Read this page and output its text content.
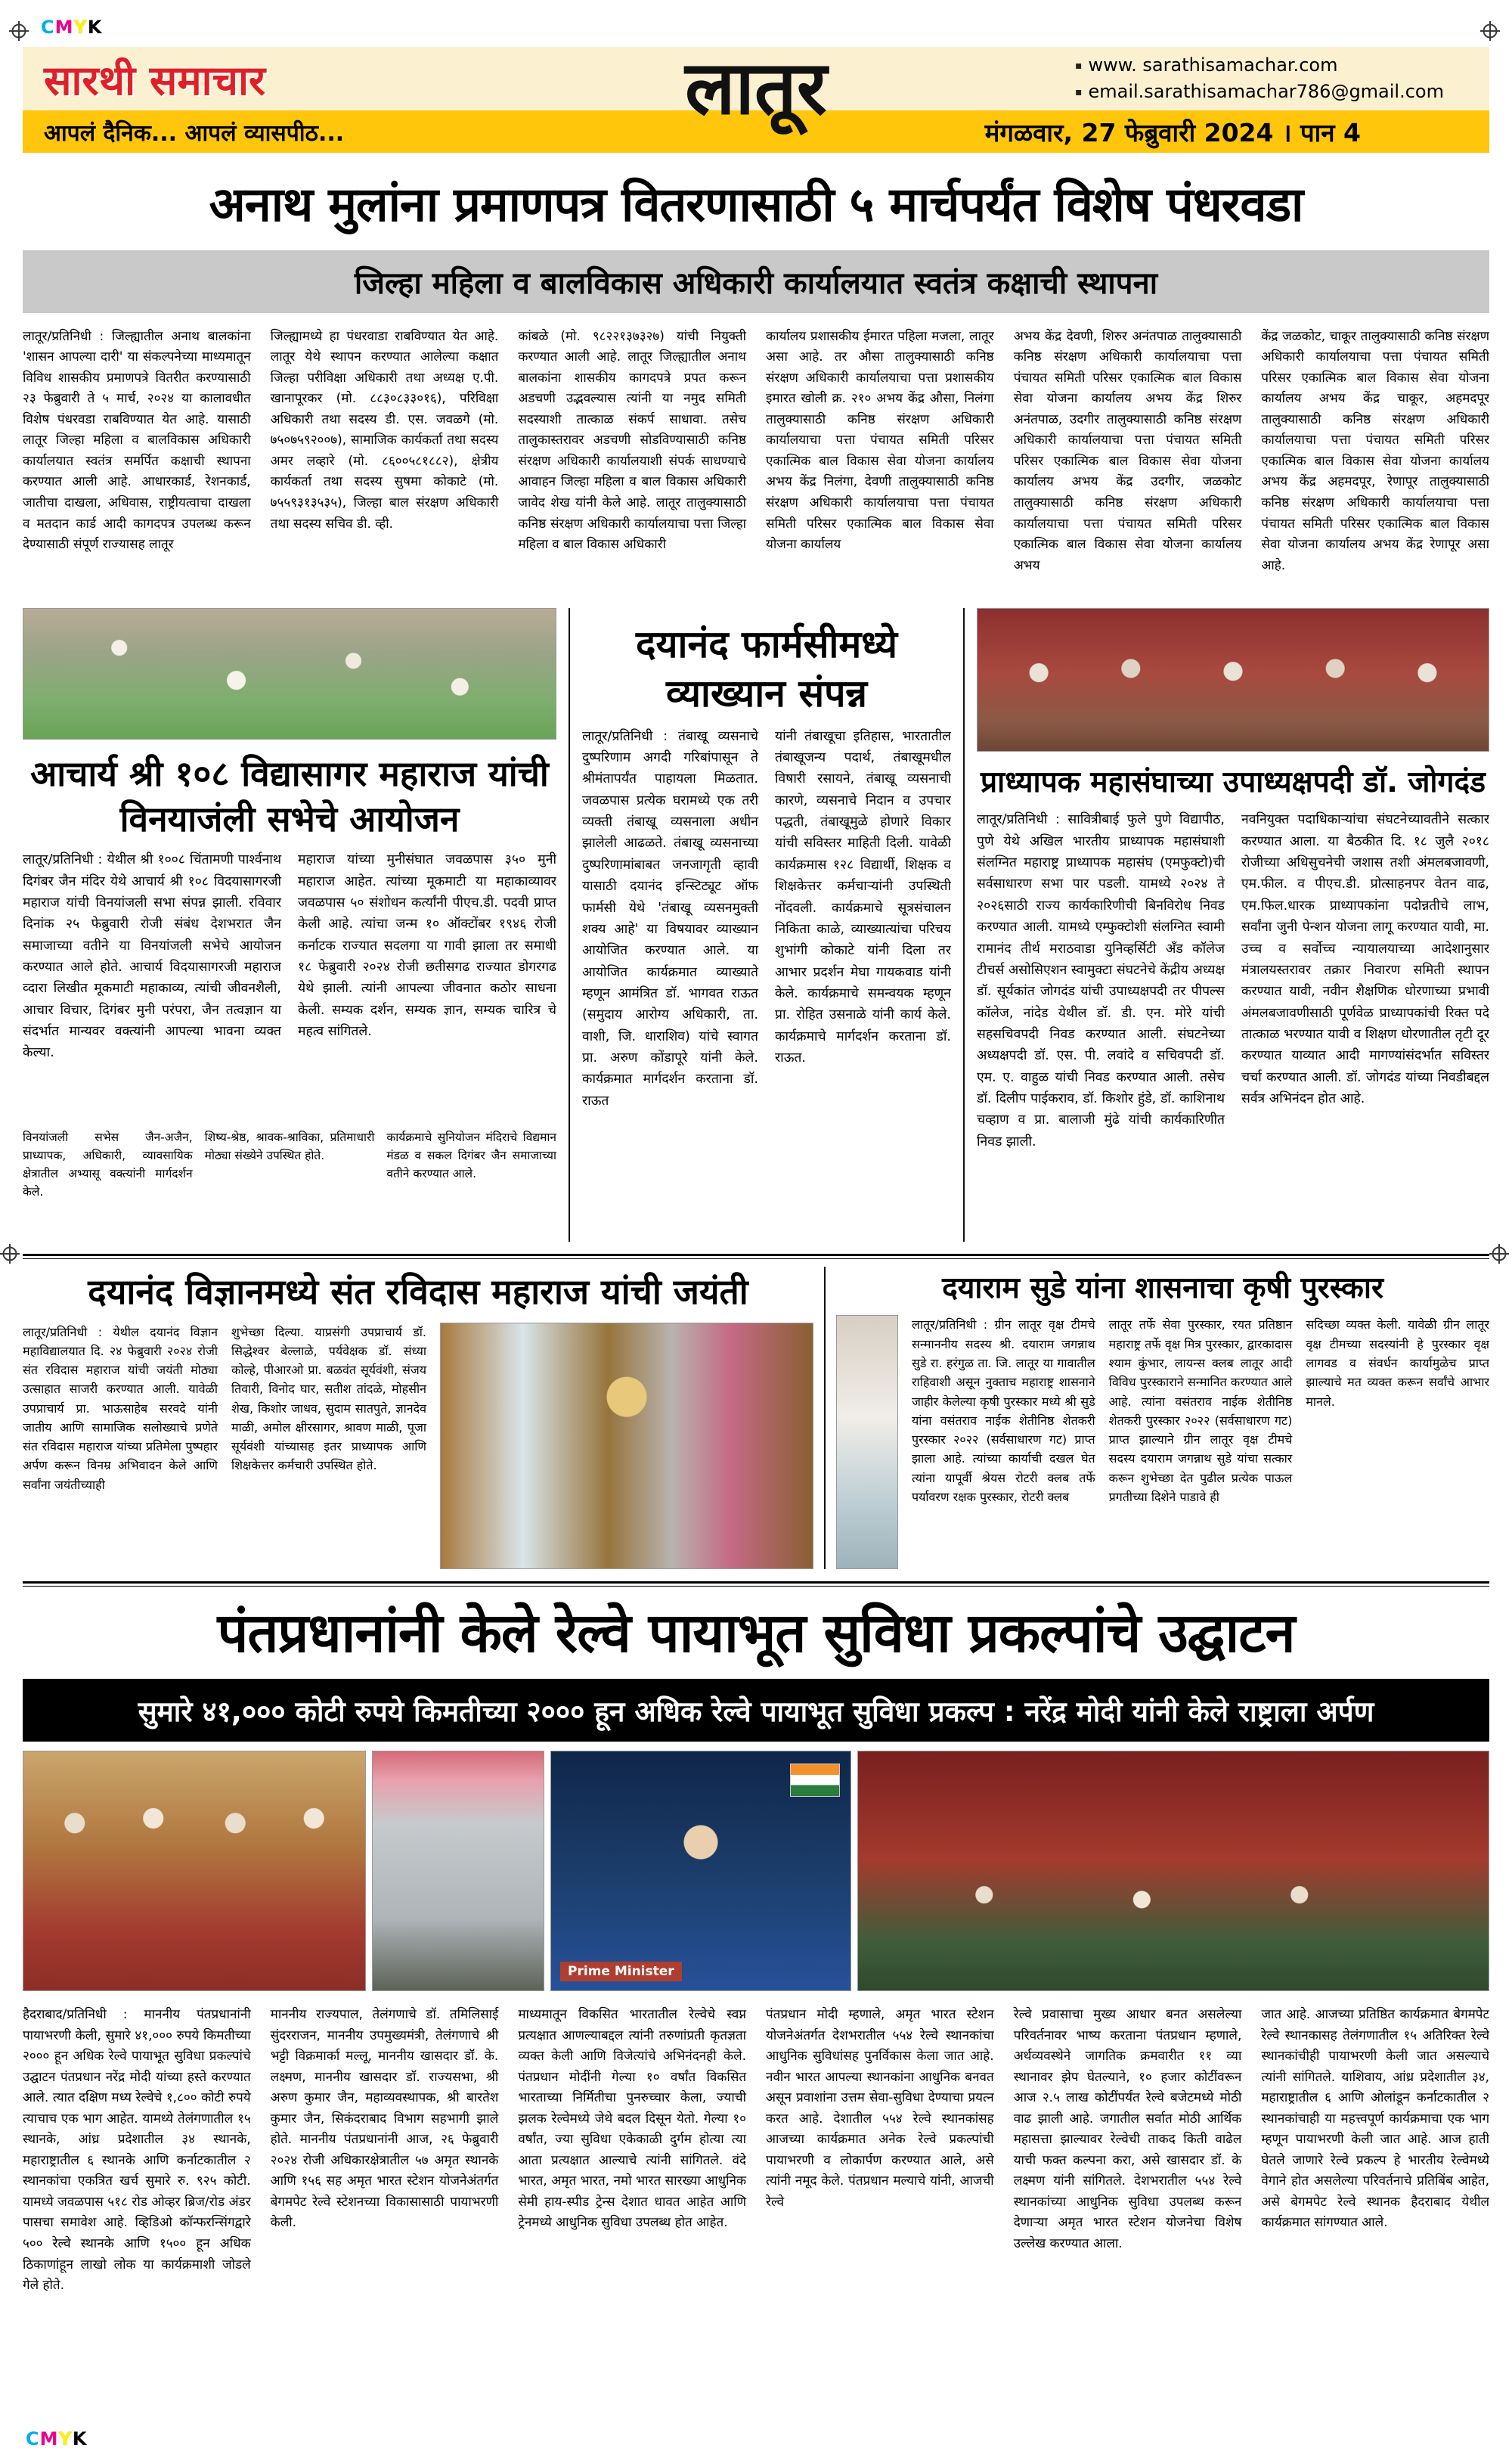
CMYK
सारथी समाचार	लातूर	▪ www. sarathisamachar.com
▪ email.sarathisamachar786@gmail.com
आपलं दैनिक... आपलं व्यासपीठ...	मंगळवार, 27 फेब्रुवारी 2024 । पान 4
अनाथ मुलांना प्रमाणपत्र वितरणासाठी ५ मार्चपर्यंत विशेष पंधरवडा
जिल्हा महिला व बालविकास अधिकारी कार्यालयात स्वतंत्र कक्षाची स्थापना
लातूर/प्रतिनिधी : जिल्ह्यातील अनाथ बालकांना 'शासन आपल्या दारी' या संकल्पनेच्या माध्यमातून विविध शासकीय प्रमाणपत्रे वितरीत करण्यासाठी २३ फेब्रुवारी ते ५ मार्च, २०२४ या कालावधीत विशेष पंधरवडा राबविण्यात येत आहे. यासाठी लातूर जिल्हा महिला व बालविकास अधिकारी कार्यालयात स्वतंत्र समर्पित कक्षाची स्थापना करण्यात आली आहे. आधारकार्ड, रेशनकार्ड, जातीचा दाखला, अधिवास, राष्ट्रीयत्वाचा दाखला व मतदान कार्ड आदी कागदपत्र उपलब्ध करून देण्यासाठी संपूर्ण राज्यासह लातूर
जिल्ह्यामध्ये हा पंधरवाडा राबविण्यात येत आहे. लातूर येथे स्थापन करण्यात आलेल्या कक्षात जिल्हा परीविक्षा अधिकारी तथा अध्यक्ष ए.पी. खानापूरकर (मो. ८८३०८३३०१६), परिविक्षा अधिकारी तथा सदस्य डी. एस. जवळगे (मो. ७५०७५९२००७), सामाजिक कार्यकर्ता तथा सदस्य अमर लव्हारे (मो. ८६००५८१८८२), क्षेत्रीय कार्यकर्ता तथा सदस्य सुषमा कोकाटे (मो. ७५५९३१३५३५), जिल्हा बाल संरक्षण अधिकारी तथा सदस्य सचिव डी. व्ही.
कांबळे (मो. ९८२२१३७३२७) यांची नियुक्ती करण्यात आली आहे. लातूर जिल्ह्यातील अनाथ बालकांना शासकीय कागदपत्रे प्रपत करून अडचणी उद्भवल्यास त्यांनी या नमुद समिती सदस्याशी तात्काळ संकर्प साधावा. तसेच तालुकास्तरावर अडचणी सोडविण्यासाठी कनिष्ठ संरक्षण अधिकारी कार्यालयाशी संपर्क साधण्याचे आवाहन जिल्हा महिला व बाल विकास अधिकारी जावेद शेख यांनी केले आहे. लातूर तालुक्यासाठी कनिष्ठ संरक्षण अधिकारी कार्यालयाचा पत्ता जिल्हा महिला व बाल विकास अधिकारी
कार्यालय प्रशासकीय ईमारत पहिला मजला, लातूर असा आहे. तर औसा तालुक्यासाठी कनिष्ठ संरक्षण अधिकारी कार्यालयाचा पत्ता प्रशासकीय इमारत खोली क्र. २१० अभय केंद्र औसा, निलंगा तालुक्यासाठी कनिष्ठ संरक्षण अधिकारी कार्यालयाचा पत्ता पंचायत समिती परिसर एकात्मिक बाल विकास सेवा योजना कार्यालय अभय केंद्र निलंगा, देवणी तालुक्यासाठी कनिष्ठ संरक्षण अधिकारी कार्यालयाचा पत्ता पंचायत समिती परिसर एकात्मिक बाल विकास सेवा योजना कार्यालय
अभय केंद्र देवणी, शिरुर अनंतपाळ तालुक्यासाठी कनिष्ठ संरक्षण अधिकारी कार्यालयाचा पत्ता पंचायत समिती परिसर एकात्मिक बाल विकास सेवा योजना कार्यालय अभय केंद्र शिरुर अनंतपाळ, उदगीर तालुक्यासाठी कनिष्ठ संरक्षण अधिकारी कार्यालयाचा पत्ता पंचायत समिती परिसर एकात्मिक बाल विकास सेवा योजना कार्यालय अभय केंद्र उदगीर, जळकोट तालुक्यासाठी कनिष्ठ संरक्षण अधिकारी कार्यालयाचा पत्ता पंचायत समिती परिसर एकात्मिक बाल विकास सेवा योजना कार्यालय अभय
केंद्र जळकोट, चाकूर तालुक्यासाठी कनिष्ठ संरक्षण अधिकारी कार्यालयाचा पत्ता पंचायत समिती परिसर एकात्मिक बाल विकास सेवा योजना कार्यालय अभय केंद्र चाकूर, अहमदपूर तालुक्यासाठी कनिष्ठ संरक्षण अधिकारी कार्यालयाचा पत्ता पंचायत समिती परिसर एकात्मिक बाल विकास सेवा योजना कार्यालय अभय केंद्र अहमदपूर, रेणापूर तालुक्यासाठी कनिष्ठ संरक्षण अधिकारी कार्यालयाचा पत्ता पंचायत समिती परिसर एकात्मिक बाल विकास सेवा योजना कार्यालय अभय केंद्र रेणापूर असा आहे.
आचार्य श्री १०८ विद्यासागर महाराज यांची विनयाजंली सभेचे आयोजन
लातूर/प्रतिनिधी : येथील श्री १००८ चिंतामणी पार्श्वनाथ दिगंबर जैन मंदिर येथे आचार्य श्री १०८ विदयासागरजी महाराज यांची विनयांजली सभा संपन्न झाली. रविवार दिनांक २५ फेब्रुवारी रोजी संबंध देशभरात जैन समाजाच्या वतीने या विनयांजली सभेचे आयोजन करण्यात आले होते. आचार्य विदयासागरजी महाराज व्दारा लिखीत मूकमाटी महाकाव्य, त्यांची जीवनशैली, आचार विचार, दिगंबर मुनी परंपरा, जैन तत्वज्ञान या संदर्भात मान्यवर वक्त्यांनी आपल्या भावना व्यक्त केल्या.
महाराज यांच्या मुनीसंघात जवळपास ३५० मुनी महाराज आहेत. त्यांच्या मूकमाटी या महाकाव्यावर जवळपास ५० संशोधन कर्त्यांनी पीएच.डी. पदवी प्राप्त केली आहे. त्यांचा जन्म १० ऑक्टोंबर १९४६ रोजी कर्नाटक राज्यात सदलगा या गावी झाला तर समाधी १८ फेब्रुवारी २०२४ रोजी छतीसगढ राज्यात डोगरगढ येथे झाली. त्यांनी आपल्या जीवनात कठोर साधना केली. सम्यक दर्शन, सम्यक ज्ञान, सम्यक चारित्र चे महत्व सांगितले.
विनयांजली सभेस जैन-अजैन, प्राध्यापक, अधिकारी, व्यावसायिक क्षेत्रातील अभ्यासू वक्त्यांनी मार्गदर्शन केले.
शिष्य-श्रेष्ठ, श्रावक-श्राविका, प्रतिमाधारी मोठ्या संख्येने उपस्थित होते.
कार्यक्रमाचे सुनियोजन मंदिराचे विद्यमान मंडळ व सकल दिगंबर जैन समाजाच्या वतीने करण्यात आले.
दयानंद फार्मसीमध्ये व्याख्यान संपन्न
लातूर/प्रतिनिधी : तंबाखू व्यसनाचे दुष्परिणाम अगदी गरिबांपासून ते श्रीमंतापर्यंत पाहायला मिळतात. जवळपास प्रत्येक घरामध्ये एक तरी व्यक्ती तंबाखू व्यसनाला अधीन झालेली आढळते. तंबाखू व्यसनाच्या दुष्परिणामांबाबत जनजागृती व्हावी यासाठी दयानंद इन्स्टिट्यूट ऑफ फार्मसी येथे 'तंबाखू व्यसनमुक्ती शक्य आहे' या विषयावर व्याख्यान आयोजित करण्यात आले. या आयोजित कार्यक्रमात व्याख्याते म्हणून आमंत्रित डॉ. भागवत राऊत (समुदाय आरोग्य अधिकारी, ता. वाशी, जि. धाराशिव) यांचे स्वागत प्रा. अरुण कोंडापूरे यांनी केले. कार्यक्रमात मार्गदर्शन करताना डॉ. राऊत
यांनी तंबाखूचा इतिहास, भारतातील तंबाखूजन्य पदार्थ, तंबाखूमधील विषारी रसायने, तंबाखू व्यसनाची कारणे, व्यसनाचे निदान व उपचार पद्धती, तंबाखूमुळे होणारे विकार यांची सविस्तर माहिती दिली. यावेळी कार्यक्रमास १२८ विद्यार्थी, शिक्षक व शिक्षकेत्तर कर्मचाऱ्यांनी उपस्थिती नोंदवली. कार्यक्रमाचे सूत्रसंचालन निकिता काळे, व्याख्यात्यांचा परिचय शुभांगी कोकाटे यांनी दिला तर आभार प्रदर्शन मेघा गायकवाड यांनी केले. कार्यक्रमाचे समन्वयक म्हणून प्रा. रोहित उसनाळे यांनी कार्य केले. कार्यक्रमाचे मार्गदर्शन करताना डॉ. राऊत.
प्राध्यापक महासंघाच्या उपाध्यक्षपदी डॉ. जोगदंड
लातूर/प्रतिनिधी : सावित्रीबाई फुले पुणे विद्यापीठ, पुणे येथे अखिल भारतीय प्राध्यापक महासंघाशी संलग्नित महाराष्ट्र प्राध्यापक महासंघ (एमफुक्टो)ची सर्वसाधारण सभा पार पडली. यामध्ये २०२४ ते २०२६साठी राज्य कार्यकारिणीची बिनविरोध निवड करण्यात आली. यामध्ये एम्फुक्टोशी संलग्नित स्वामी रामानंद तीर्थ मराठवाडा युनिव्हर्सिटी अँड कॉलेज टीचर्स असोसिएशन स्वामुक्टा संघटनेचे केंद्रीय अध्यक्ष डॉ. सूर्यकांत जोगदंड यांची उपाध्यक्षपदी तर पीपल्स कॉलेज, नांदेड येथील डॉ. डी. एन. मोरे यांची सहसचिवपदी निवड करण्यात आली. संघटनेच्या अध्यक्षपदी डॉ. एस. पी. लवांदे व सचिवपदी डॉ. एम. ए. वाहुळ यांची निवड करण्यात आली. तसेच डॉ. दिलीप पाईकराव, डॉ. किशोर हुंडे, डॉ. काशिनाथ चव्हाण व प्रा. बालाजी मुंढे यांची कार्यकारिणीत निवड झाली.
नवनियुक्त पदाधिकाऱ्यांचा संघटनेच्यावतीने सत्कार करण्यात आला. या बैठकीत दि. १८ जुलै २०१८ रोजीच्या अधिसुचनेची जशास तशी अंमलबजावणी, एम.फील. व पीएच.डी. प्रोत्साहनपर वेतन वाढ, एम.फिल.धारक प्राध्यापकांना पदोन्नतीचे लाभ, सर्वांना जुनी पेन्शन योजना लागू करण्यात यावी, मा. उच्च व सर्वोच्च न्यायालयाच्या आदेशानुसार मंत्रालयस्तरावर तक्रार निवारण समिती स्थापन करण्यात यावी, नवीन शैक्षणिक धोरणाच्या प्रभावी अंमलबजावणीसाठी पूर्णवेळ प्राध्यापकांची रिक्त पदे तात्काळ भरण्यात यावी व शिक्षण धोरणातील तृटी दूर करण्यात याव्यात आदी मागण्यांसंदर्भात सविस्तर चर्चा करण्यात आली. डॉ. जोगदंड यांच्या निवडीबद्दल सर्वत्र अभिनंदन होत आहे.
दयानंद विज्ञानमध्ये संत रविदास महाराज यांची जयंती
लातूर/प्रतिनिधी : येथील दयानंद विज्ञान महाविद्यालयात दि. २४ फेब्रुवारी २०२४ रोजी संत रविदास महाराज यांची जयंती मोठ्या उत्साहात साजरी करण्यात आली. यावेळी उपप्राचार्य प्रा. भाऊसाहेब सरवदे यांनी जातीय आणि सामाजिक सलोख्याचे प्रणेते संत रविदास महाराज यांच्या प्रतिमेला पुष्पहार अर्पण करून विनम्र अभिवादन केले आणि सर्वांना जयंतीच्याही
शुभेच्छा दिल्या. याप्रसंगी उपप्राचार्य डॉ. सिद्धेश्वर बेल्लाळे, पर्यवेक्षक डॉ. संध्या कोल्हे, पीआरओ प्रा. बळवंत सूर्यवंशी, संजय तिवारी, विनोद घार, सतीश तांदळे, मोहसीन शेख, किशोर जाधव, सुदाम सातपुते, ज्ञानदेव माळी, अमोल क्षीरसागर, श्रावण माळी, पूजा सूर्यवंशी यांच्यासह इतर प्राध्यापक आणि शिक्षकेत्तर कर्मचारी उपस्थित होते.
दयाराम सुडे यांना शासनाचा कृषी पुरस्कार
लातूर/प्रतिनिधी : ग्रीन लातूर वृक्ष टीमचे सन्माननीय सदस्य श्री. दयाराम जगन्नाथ सुडे रा. हरंगुळ ता. जि. लातूर या गावातील राहिवाशी असून नुक्ताच महाराष्ट्र शासनाने जाहीर केलेल्या कृषी पुरस्कार मध्ये श्री सुडे यांना वसंतराव नाईक शेतीनिष्ठ शेतकरी पुरस्कार २०२२ (सर्वसाधारण गट) प्राप्त झाला आहे. त्यांच्या कार्याची दखल घेत त्यांना यापूर्वी श्रेयस रोटरी क्लब तर्फे पर्यावरण रक्षक पुरस्कार, रोटरी क्लब
लातूर तर्फे सेवा पुरस्कार, रयत प्रतिष्ठान महाराष्ट्र तर्फे वृक्ष मित्र पुरस्कार, द्वारकादास श्याम कुंभार, लायन्स क्लब लातूर आदी विविध पुरस्काराने सन्मानित करण्यात आले आहे. त्यांना वसंतराव नाईक शेतीनिष्ठ शेतकरी पुरस्कार २०२२ (सर्वसाधारण गट) प्राप्त झाल्याने ग्रीन लातूर वृक्ष टीमचे सदस्य दयाराम जगन्नाथ सुडे यांचा सत्कार करून शुभेच्छा देत पुढील प्रत्येक पाऊल प्रगतीच्या दिशेने पाडावे ही
सदिच्छा व्यक्त केली. यावेळी ग्रीन लातूर वृक्ष टीमच्या सदस्यांनी हे पुरस्कार वृक्ष लागवड व संवर्धन कार्यामुळेच प्राप्त झाल्याचे मत व्यक्त करून सर्वांचे आभार मानले.
पंतप्रधानांनी केले रेल्वे पायाभूत सुविधा प्रकल्पांचे उद्घाटन
सुमारे ४१,००० कोटी रुपये किमतीच्या २००० हून अधिक रेल्वे पायाभूत सुविधा प्रकल्प : नरेंद्र मोदी यांनी केले राष्ट्राला अर्पण
Prime Minister
हैदराबाद/प्रतिनिधी : माननीय पंतप्रधानांनी पायाभरणी केली, सुमारे ४१,००० रुपये किमतीच्या २००० हून अधिक रेल्वे पायाभूत सुविधा प्रकल्पांचे उद्घाटन पंतप्रधान नरेंद्र मोदी यांच्या हस्ते करण्यात आले. त्यात दक्षिण मध्य रेल्वेचे १,८०० कोटी रुपये त्याचाच एक भाग आहेत. यामध्ये तेलंगणातील १५ स्थानके, आंध्र प्रदेशातील ३४ स्थानके, महाराष्ट्रातील ६ स्थानके आणि कर्नाटकातील २ स्थानकांचा एकत्रित खर्च सुमारे रु. ९२५ कोटी. यामध्ये जवळपास ५१८ रोड ओव्हर ब्रिज/रोड अंडर पासचा समावेश आहे. व्हिडिओ कॉन्फरन्सिंगद्वारे ५०० रेल्वे स्थानके आणि १५०० हून अधिक ठिकाणांहून लाखो लोक या कार्यक्रमाशी जोडले गेले होते.
माननीय राज्यपाल, तेलंगणाचे डॉ. तमिलिसाई सुंदरराजन, माननीय उपमुख्यमंत्री, तेलंगणाचे श्री भट्टी विक्रमार्का मल्लू, माननीय खासदार डॉ. के. लक्ष्मण, माननीय खासदार डॉ. राज्यसभा, श्री अरुण कुमार जैन, महाव्यवस्थापक, श्री बारतेश कुमार जैन, सिकंदराबाद विभाग सहभागी झाले होते. माननीय पंतप्रधानांनी आज, २६ फेब्रुवारी २०२४ रोजी अधिकारक्षेत्रातील ५७ अमृत स्थानके आणि १५६ सह अमृत भारत स्टेशन योजनेअंतर्गत बेगमपेट रेल्वे स्टेशनच्या विकासासाठी पायाभरणी केली.
माध्यमातून विकसित भारतातील रेल्वेचे स्वप्न प्रत्यक्षात आणल्याबद्दल त्यांनी तरुणांप्रती कृतज्ञता व्यक्त केली आणि विजेत्यांचे अभिनंदनही केले. पंतप्रधान मोदींनी गेल्या १० वर्षांत विकसित भारताच्या निर्मितीचा पुनरुच्चार केला, ज्याची झलक रेल्वेमध्ये जेथे बदल दिसून येतो. गेल्या १० वर्षांत, ज्या सुविधा एकेकाळी दुर्गम होत्या त्या आता प्रत्यक्षात आल्याचे त्यांनी सांगितले. वंदे भारत, अमृत भारत, नमो भारत सारख्या आधुनिक सेमी हाय-स्पीड ट्रेन्स देशात धावत आहेत आणि ट्रेनमध्ये आधुनिक सुविधा उपलब्ध होत आहेत.
पंतप्रधान मोदी म्हणाले, अमृत भारत स्टेशन योजनेअंतर्गत देशभरातील ५५४ रेल्वे स्थानकांचा आधुनिक सुविधांसह पुनर्विकास केला जात आहे. नवीन भारत आपल्या स्थानकांना आधुनिक बनवत असून प्रवाशांना उत्तम सेवा-सुविधा देण्याचा प्रयत्न करत आहे. देशातील ५५४ रेल्वे स्थानकांसह आजच्या कार्यक्रमात अनेक रेल्वे प्रकल्पांची पायाभरणी व लोकार्पण करण्यात आले, असे त्यांनी नमूद केले. पंतप्रधान मल्याचे यांनी, आजची रेल्वे
रेल्वे प्रवासाचा मुख्य आधार बनत असलेल्या परिवर्तनावर भाष्य करताना पंतप्रधान म्हणाले, अर्थव्यवस्थेने जागतिक क्रमवारीत ११ व्या स्थानावर झेप घेतल्याने, १० हजार कोटींवरून आज २.५ लाख कोटींपर्यंत रेल्वे बजेटमध्ये मोठी वाढ झाली आहे. जगातील सर्वात मोठी आर्थिक महासत्ता झाल्यावर रेल्वेची ताकद किती वाढेल याची फक्त कल्पना करा, असे खासदार डॉ. के लक्ष्मण यांनी सांगितले. देशभरातील ५५४ रेल्वे स्थानकांच्या आधुनिक सुविधा उपलब्ध करून देणाऱ्या अमृत भारत स्टेशन योजनेचा विशेष उल्लेख करण्यात आला.
जात आहे. आजच्या प्रतिष्ठित कार्यक्रमात बेगमपेट रेल्वे स्थानकासह तेलंगणातील १५ अतिरिक्त रेल्वे स्थानकांचीही पायाभरणी केली जात असल्याचे त्यांनी सांगितले. याशिवाय, आंध्र प्रदेशातील ३४, महाराष्ट्रातील ६ आणि ओलांडून कर्नाटकातील २ स्थानकांचाही या महत्त्वपूर्ण कार्यक्रमाचा एक भाग म्हणून पायाभरणी केली जात आहे. आज हाती घेतले जाणारे रेल्वे प्रकल्प हे भारतीय रेल्वेमध्ये वेगाने होत असलेल्या परिवर्तनाचे प्रतिबिंब आहेत, असे बेगमपेट रेल्वे स्थानक हैदराबाद येथील कार्यक्रमात सांगण्यात आले.
CMYK
